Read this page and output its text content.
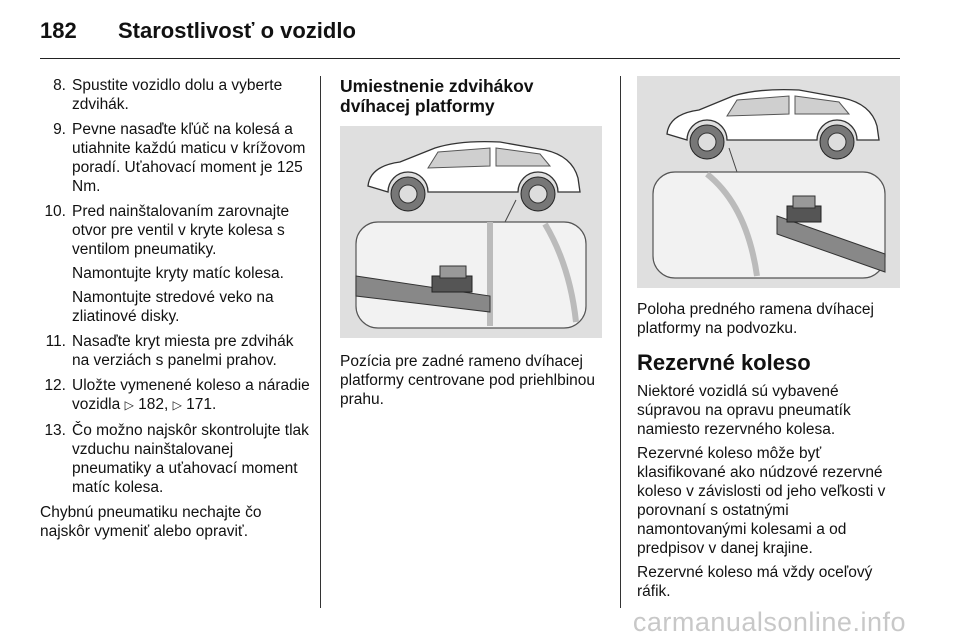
182	Starostlivosť o vozidlo
8. Spustite vozidlo dolu a vyberte zdvihák.
9. Pevne nasaďte kľúč na kolesá a utiahnite každú maticu v krížovom poradí. Uťahovací moment je 125 Nm.
10. Pred nainštalovaním zarovnajte otvor pre ventil v kryte kolesa s ventilom pneumatiky.
Namontujte kryty matíc kolesa.
Namontujte stredové veko na zliatinové disky.
11. Nasaďte kryt miesta pre zdvihák na verziách s panelmi prahov.
12. Uložte vymenené koleso a náradie vozidla ▷ 182, ▷ 171.
13. Čo možno najskôr skontrolujte tlak vzduchu nainštalovanej pneumatiky a uťahovací moment matíc kolesa.

Chybnú pneumatiku nechajte čo najskôr vymeniť alebo opraviť.

Umiestnenie zdvihákov dvíhacej platformy

Pozícia pre zadné rameno dvíhacej platformy centrovane pod priehlbinou prahu.

Poloha predného ramena dvíhacej platformy na podvozku.

Rezervné koleso

Niektoré vozidlá sú vybavené súpravou na opravu pneumatík namiesto rezervného kolesa.

Rezervné koleso môže byť klasifikované ako núdzové rezervné koleso v závislosti od jeho veľkosti v porovnaní s ostatnými namontovanými kolesami a od predpisov v danej krajine.

Rezervné koleso má vždy oceľový ráfik.

carmanualsonline.info
